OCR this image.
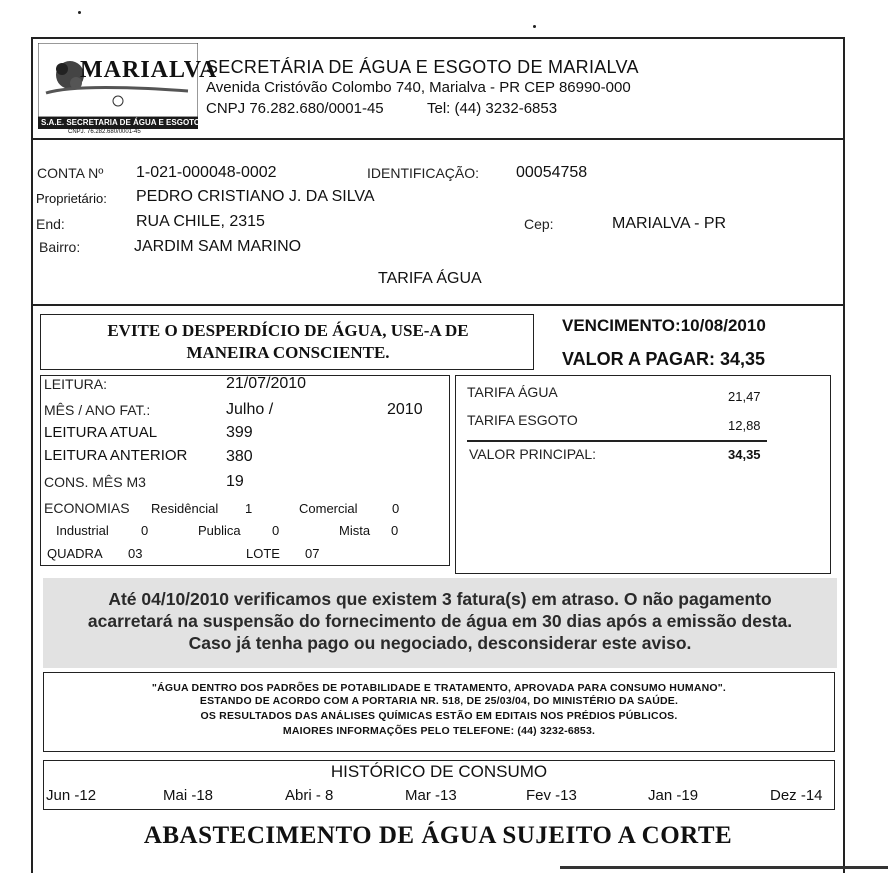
MARIALVA
S.A.E. SECRETARIA DE ÁGUA E ESGOTO
CNPJ. 76.282.680/0001-45
SECRETÁRIA DE ÁGUA E ESGOTO DE MARIALVA
Avenida Cristóvão Colombo 740, Marialva - PR CEP 86990-000
CNPJ 76.282.680/0001-45	Tel: (44) 3232-6853
CONTA Nº 1-021-000048-0002	IDENTIFICAÇÃO: 00054758
Proprietário: PEDRO CRISTIANO J. DA SILVA
End:	RUA CHILE, 2315	Cep:	MARIALVA - PR
Bairro:	JARDIM SAM MARINO
TARIFA ÁGUA
EVITE O DESPERDÍCIO DE ÁGUA, USE-A DE
MANEIRA CONSCIENTE.
VENCIMENTO:10/08/2010
VALOR A PAGAR: 34,35
LEITURA:	21/07/2010
MÊS / ANO FAT.:	Julho /	2010
LEITURA ATUAL	399
LEITURA ANTERIOR 380
CONS. MÊS M3	19
ECONOMIAS Residêncial 1	Comercial	0
Industrial 0	Publica 0	Mista 0
QUADRA 03	LOTE 07
TARIFA ÁGUA	21,47
TARIFA ESGOTO	12,88
VALOR PRINCIPAL:	34,35
Até 04/10/2010 verificamos que existem 3 fatura(s) em atraso. O não pagamento
acarretará na suspensão do fornecimento de água em 30 dias após a emissão desta.
Caso já tenha pago ou negociado, desconsiderar este aviso.
"ÁGUA DENTRO DOS PADRÕES DE POTABILIDADE E TRATAMENTO, APROVADA PARA CONSUMO HUMANO".
ESTANDO DE ACORDO COM A PORTARIA NR. 518, DE 25/03/04, DO MINISTÉRIO DA SAÚDE.
OS RESULTADOS DAS ANÁLISES QUÍMICAS ESTÃO EM EDITAIS NOS PRÉDIOS PÚBLICOS.
MAIORES INFORMAÇÕES PELO TELEFONE: (44) 3232-6853.
HISTÓRICO DE CONSUMO
Jun -12	Mai -18	Abri - 8	Mar -13	Fev -13	Jan -19	Dez -14
ABASTECIMENTO DE ÁGUA SUJEITO A CORTE
